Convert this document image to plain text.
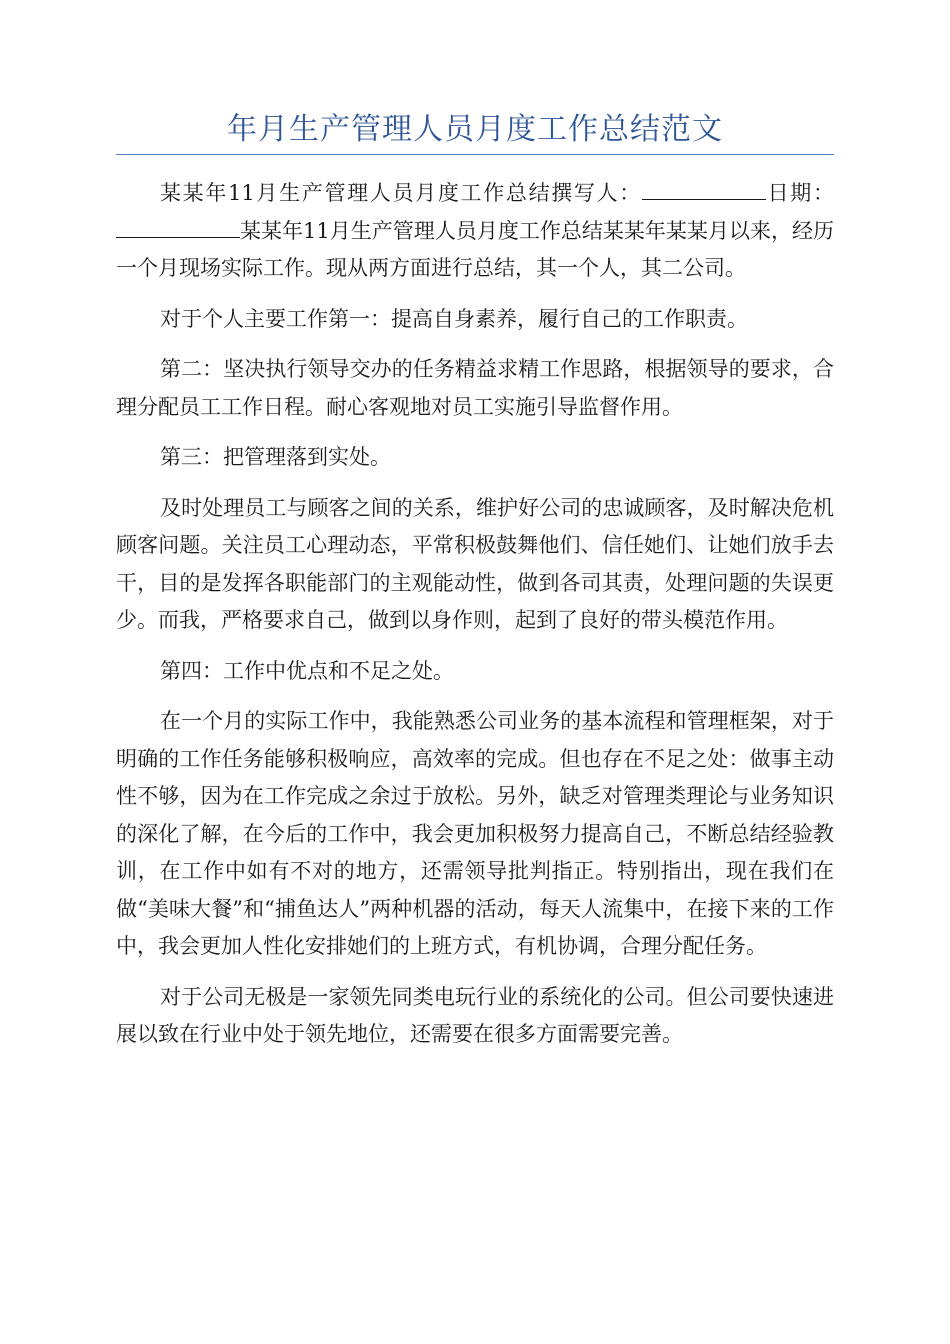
年月生产管理人员月度工作总结范文

某某年11月生产管理人员月度工作总结撰写人：	日期：某某年11月生产管理人员月度工作总结某某年某某月以来，经历一个月现场实际工作。现从两方面进行总结，其一个人，其二公司。

对于个人主要工作第一：提高自身素养，履行自己的工作职责。

第二：坚决执行领导交办的任务精益求精工作思路，根据领导的要求，合理分配员工工作日程。耐心客观地对员工实施引导监督作用。

第三：把管理落到实处。

及时处理员工与顾客之间的关系，维护好公司的忠诚顾客，及时解决危机顾客问题。关注员工心理动态，平常积极鼓舞他们、信任她们、让她们放手去干，目的是发挥各职能部门的主观能动性，做到各司其责，处理问题的失误更少。而我，严格要求自己，做到以身作则，起到了良好的带头模范作用。

第四：工作中优点和不足之处。

在一个月的实际工作中，我能熟悉公司业务的基本流程和管理框架，对于明确的工作任务能够积极响应，高效率的完成。但也存在不足之处：做事主动性不够，因为在工作完成之余过于放松。另外，缺乏对管理类理论与业务知识的深化了解，在今后的工作中，我会更加积极努力提高自己，不断总结经验教训，在工作中如有不对的地方，还需领导批判指正。特别指出，现在我们在做“美味大餐”和“捕鱼达人”两种机器的活动，每天人流集中，在接下来的工作中，我会更加人性化安排她们的上班方式，有机协调，合理分配任务。

对于公司无极是一家领先同类电玩行业的系统化的公司。但公司要快速进展以致在行业中处于领先地位，还需要在很多方面需要完善。
